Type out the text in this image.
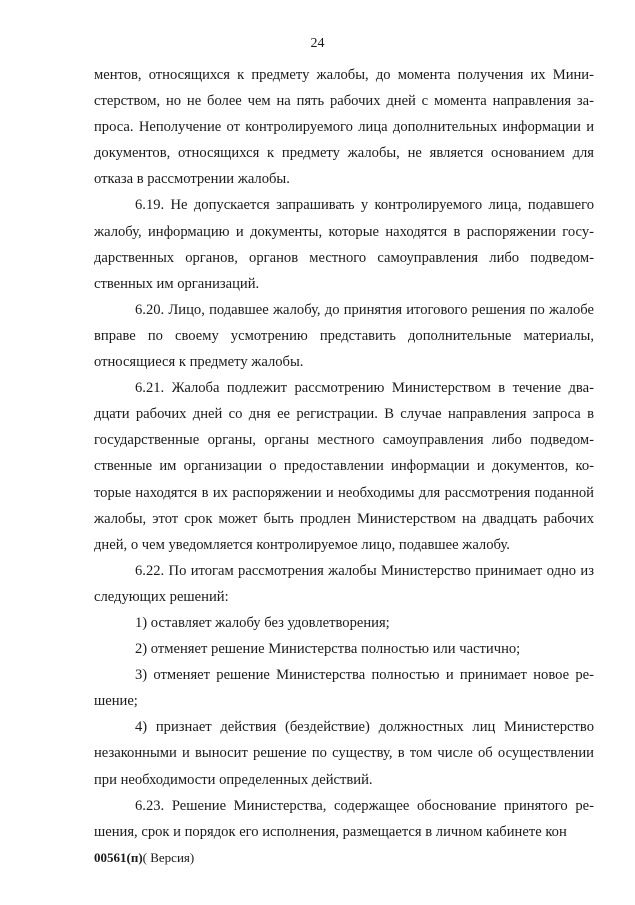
24

ментов, относящихся к предмету жалобы, до момента получения их Министерством, но не более чем на пять рабочих дней с момента направления запроса. Неполучение от контролируемого лица дополнительных информации и документов, относящихся к предмету жалобы, не является основанием для отказа в рассмотрении жалобы.

6.19. Не допускается запрашивать у контролируемого лица, подавшего жалобу, информацию и документы, которые находятся в распоряжении государственных органов, органов местного самоуправления либо подведомственных им организаций.

6.20. Лицо, подавшее жалобу, до принятия итогового решения по жалобе вправе по своему усмотрению представить дополнительные материалы, относящиеся к предмету жалобы.

6.21. Жалоба подлежит рассмотрению Министерством в течение двадцати рабочих дней со дня ее регистрации. В случае направления запроса в государственные органы, органы местного самоуправления либо подведомственные им организации о предоставлении информации и документов, которые находятся в их распоряжении и необходимы для рассмотрения поданной жалобы, этот срок может быть продлен Министерством на двадцать рабочих дней, о чем уведомляется контролируемое лицо, подавшее жалобу.

6.22. По итогам рассмотрения жалобы Министерство принимает одно из следующих решений:

1) оставляет жалобу без удовлетворения;

2) отменяет решение Министерства полностью или частично;

3) отменяет решение Министерства полностью и принимает новое решение;

4) признает действия (бездействие) должностных лиц Министерство незаконными и выносит решение по существу, в том числе об осуществлении при необходимости определенных действий.

6.23. Решение Министерства, содержащее обоснование принятого решения, срок и порядок его исполнения, размещается в личном кабинете кон

00561(п)( Версия)
